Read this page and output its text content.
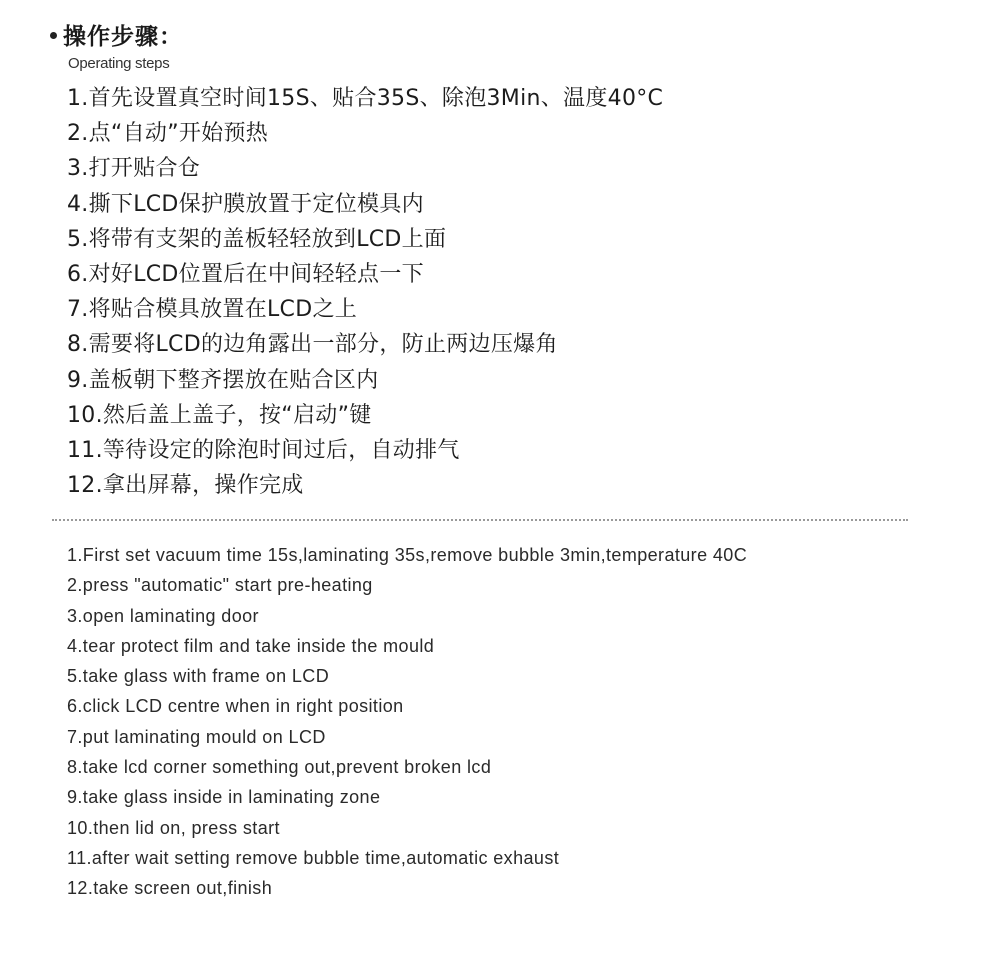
操作步骤：
Operating steps
1.首先设置真空时间15S、贴合35S、除泡3Min、温度40°C
2.点“自动”开始预热
3.打开贴合仓
4.撕下LCD保护膜放置于定位模具内
5.将带有支架的盖板轻轻放到LCD上面
6.对好LCD位置后在中间轻轻点一下
7.将贴合模具放置在LCD之上
8.需要将LCD的边角露出一部分，防止两边压爆角
9.盖板朝下整齐摆放在贴合区内
10.然后盖上盖子，按“启动”键
11.等待设定的除泡时间过后，自动排气
12.拿出屏幕，操作完成
1.First set vacuum time 15s,laminating 35s,remove bubble 3min,temperature 40C
2.press "automatic" start pre-heating
3.open laminating door
4.tear protect film and take inside the mould
5.take glass with frame on LCD
6.click LCD centre when in right position
7.put laminating mould on LCD
8.take lcd corner something out,prevent broken lcd
9.take glass inside in laminating zone
10.then lid on, press start
11.after wait setting remove bubble time,automatic exhaust
12.take screen out,finish
